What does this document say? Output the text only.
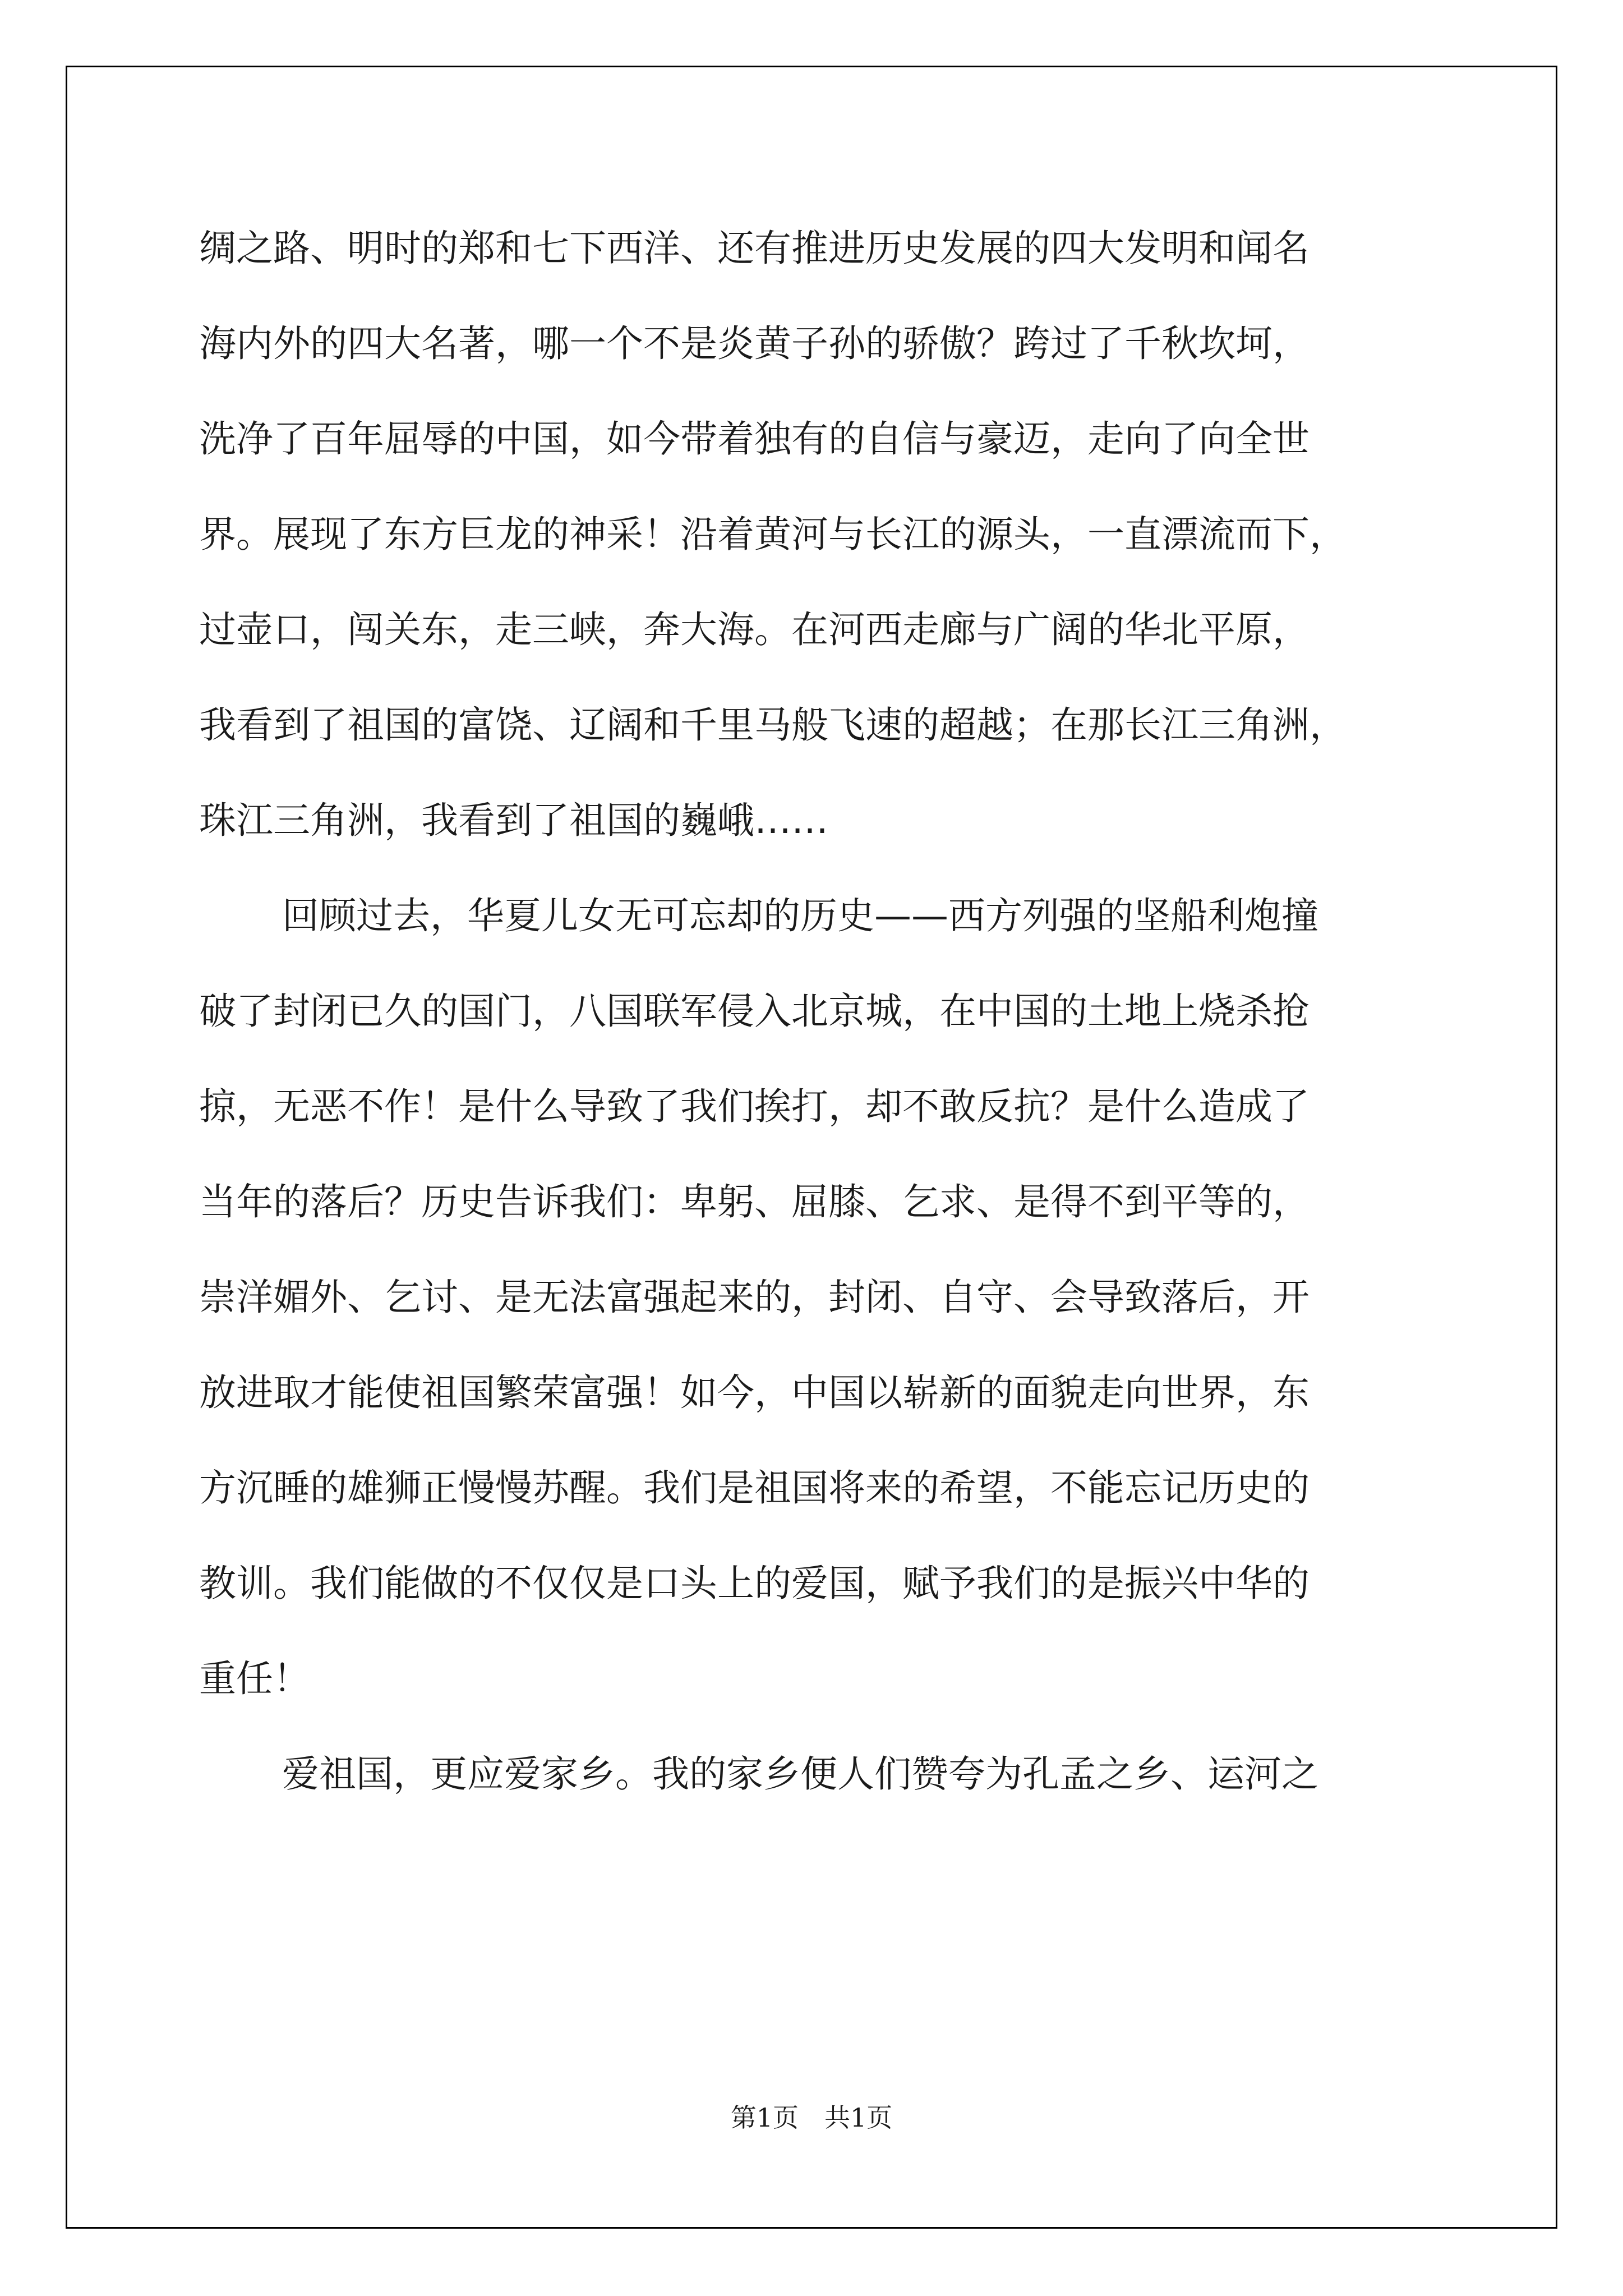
绸之路、明时的郑和七下西洋、还有推进历史发展的四大发明和闻名
海内外的四大名著，哪一个不是炎黄子孙的骄傲？跨过了千秋坎坷，
洗净了百年屈辱的中国，如今带着独有的自信与豪迈，走向了向全世
界。展现了东方巨龙的神采！沿着黄河与长江的源头，一直漂流而下，
过壶口，闯关东，走三峡，奔大海。在河西走廊与广阔的华北平原，
我看到了祖国的富饶、辽阔和千里马般飞速的超越；在那长江三角洲，
珠江三角洲，我看到了祖国的巍峨……
回顾过去，华夏儿女无可忘却的历史——西方列强的坚船利炮撞
破了封闭已久的国门，八国联军侵入北京城，在中国的土地上烧杀抢
掠，无恶不作！是什么导致了我们挨打，却不敢反抗？是什么造成了
当年的落后？历史告诉我们：卑躬、屈膝、乞求、是得不到平等的，
崇洋媚外、乞讨、是无法富强起来的，封闭、自守、会导致落后，开
放进取才能使祖国繁荣富强！如今，中国以崭新的面貌走向世界，东
方沉睡的雄狮正慢慢苏醒。我们是祖国将来的希望，不能忘记历史的
教训。我们能做的不仅仅是口头上的爱国，赋予我们的是振兴中华的
重任！
爱祖国，更应爱家乡。我的家乡便人们赞夸为孔孟之乡、运河之
第1页　共1页
